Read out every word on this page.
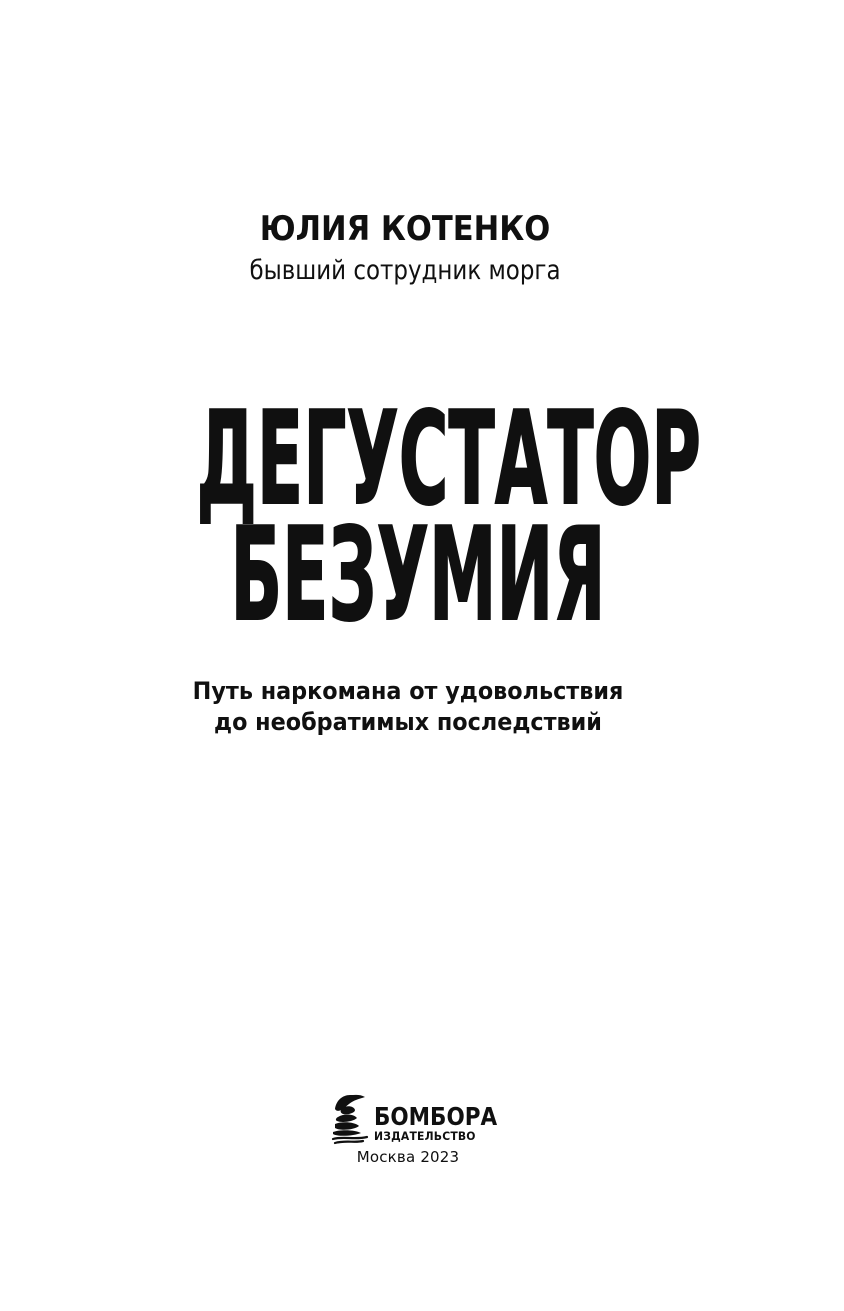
ЮЛИЯ КОТЕНКО
бывший сотрудник морга
ДЕГУСТАТОР
БЕЗУМИЯ
Путь наркомана от удовольствия
до необратимых последствий
БОМБОРА
ИЗДАТЕЛЬСТВО
Москва 2023
